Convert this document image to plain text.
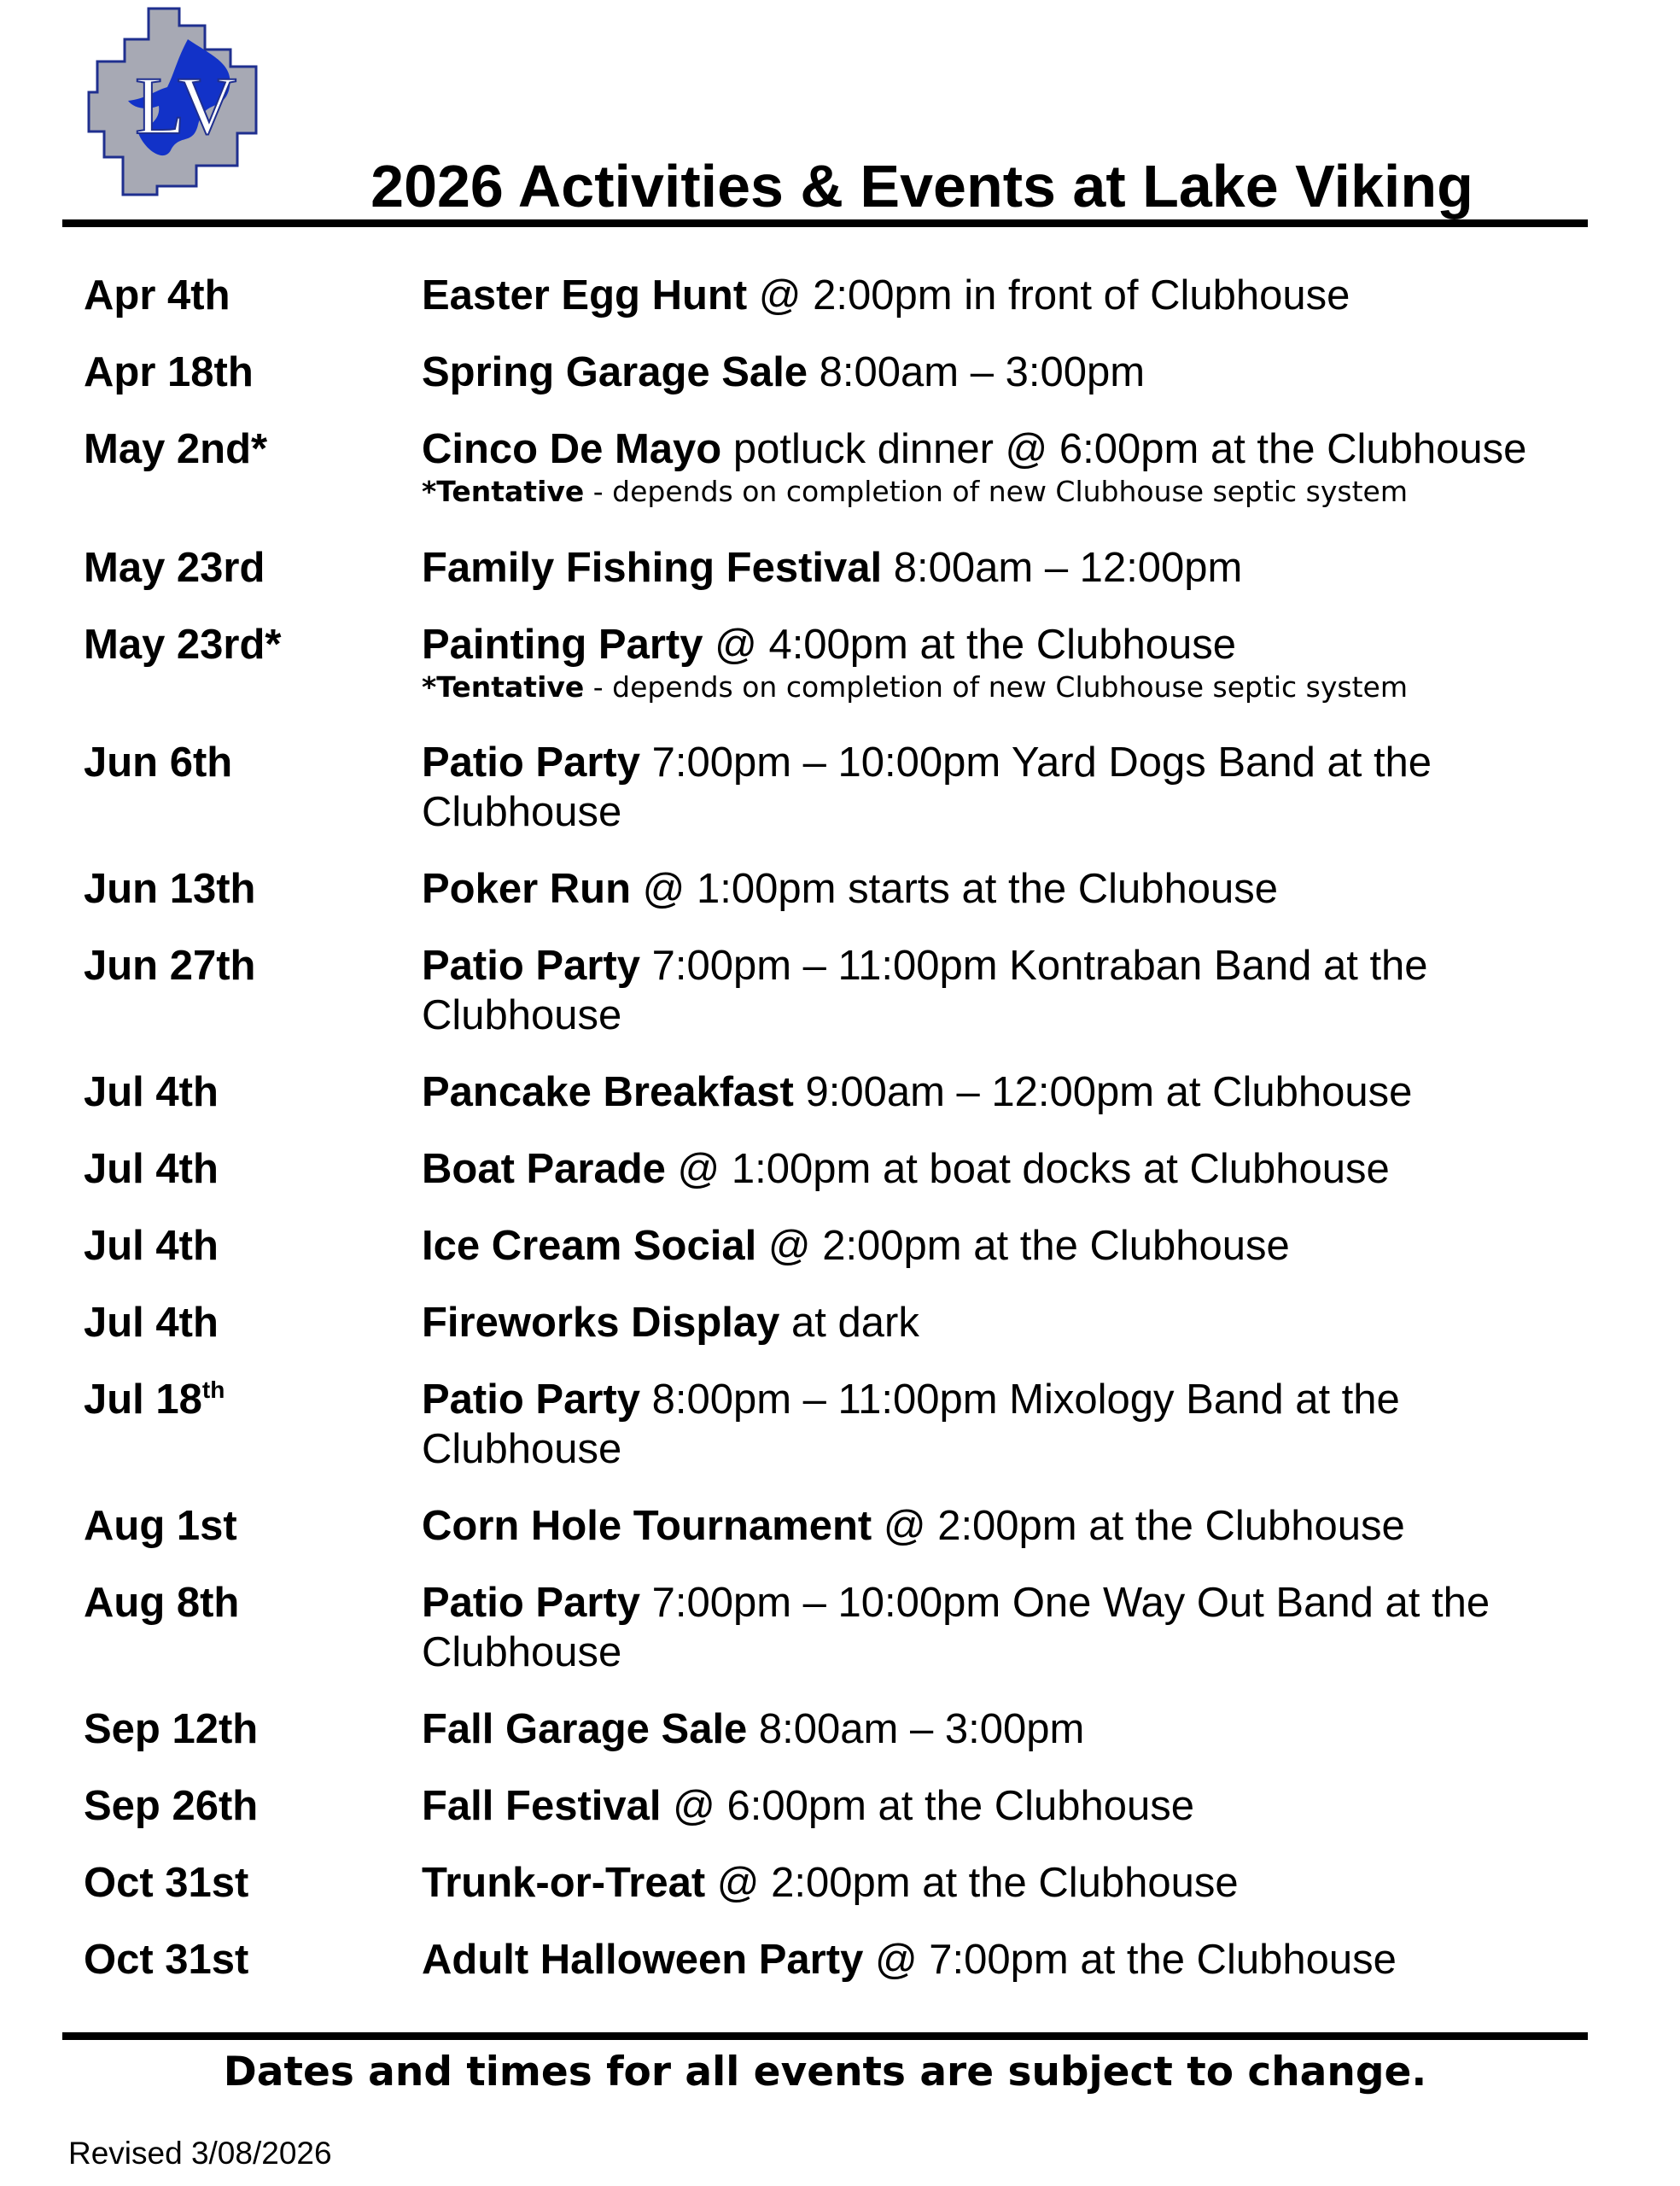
LV
2026 Activities & Events at Lake Viking
Apr 4th	Easter Egg Hunt @ 2:00pm in front of Clubhouse
Apr 18th	Spring Garage Sale 8:00am – 3:00pm
May 2nd*	Cinco De Mayo potluck dinner @ 6:00pm at the Clubhouse
*Tentative - depends on completion of new Clubhouse septic system
May 23rd	Family Fishing Festival 8:00am – 12:00pm
May 23rd*	Painting Party @ 4:00pm at the Clubhouse
*Tentative - depends on completion of new Clubhouse septic system
Jun 6th	Patio Party 7:00pm – 10:00pm Yard Dogs Band at the Clubhouse
Jun 13th	Poker Run @ 1:00pm starts at the Clubhouse
Jun 27th	Patio Party 7:00pm – 11:00pm Kontraban Band at the Clubhouse
Jul 4th	Pancake Breakfast 9:00am – 12:00pm at Clubhouse
Jul 4th	Boat Parade @ 1:00pm at boat docks at Clubhouse
Jul 4th	Ice Cream Social @ 2:00pm at the Clubhouse
Jul 4th	Fireworks Display at dark
Jul 18th	Patio Party 8:00pm – 11:00pm Mixology Band at the Clubhouse
Aug 1st	Corn Hole Tournament @ 2:00pm at the Clubhouse
Aug 8th	Patio Party 7:00pm – 10:00pm One Way Out Band at the Clubhouse
Sep 12th	Fall Garage Sale 8:00am – 3:00pm
Sep 26th	Fall Festival @ 6:00pm at the Clubhouse
Oct 31st	Trunk-or-Treat @ 2:00pm at the Clubhouse
Oct 31st	Adult Halloween Party @ 7:00pm at the Clubhouse
Dates and times for all events are subject to change.
Revised 3/08/2026
